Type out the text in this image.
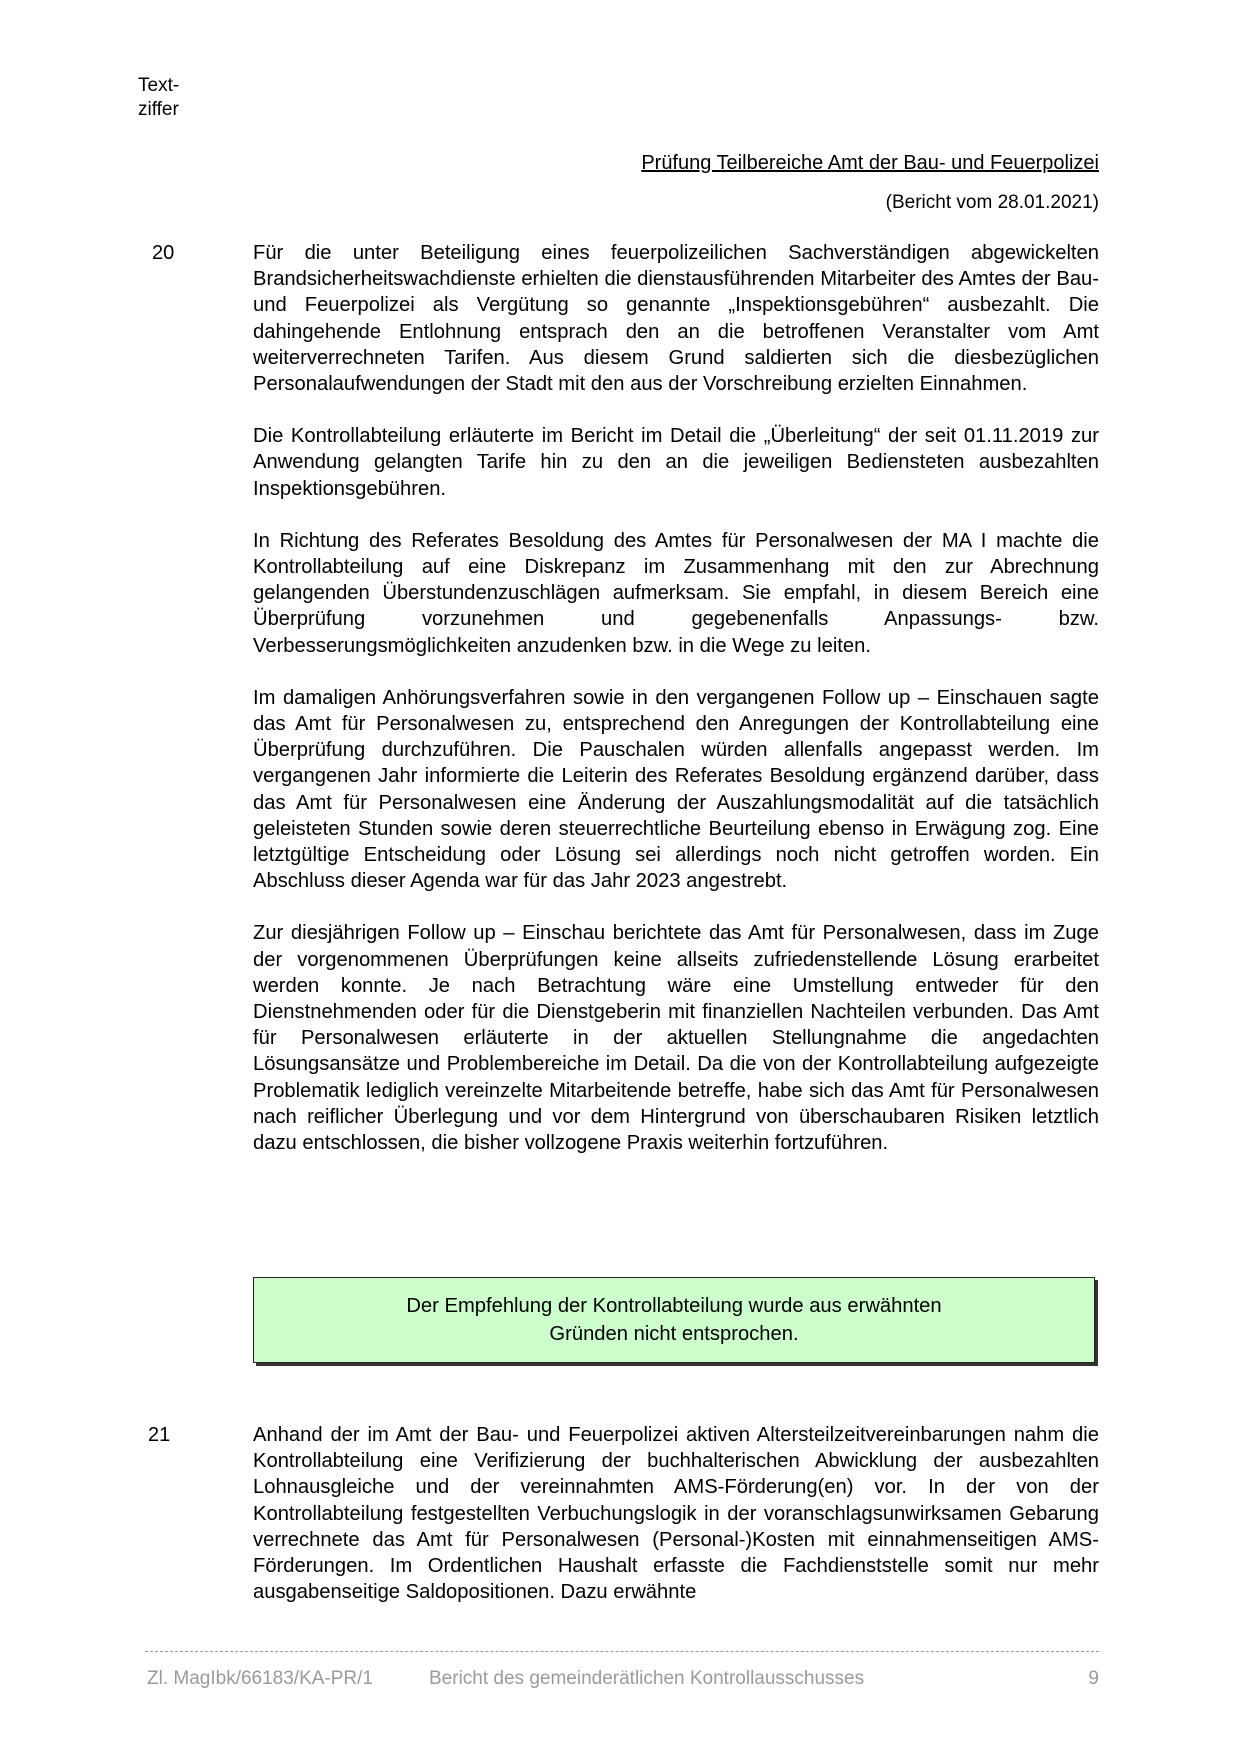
Text-
ziffer
Prüfung Teilbereiche Amt der Bau- und Feuerpolizei
(Bericht vom 28.01.2021)
20	Für die unter Beteiligung eines feuerpolizeilichen Sachverständigen abgewickelten Brandsicherheitswachdienste erhielten die dienstausführenden Mitarbeiter des Amtes der Bau- und Feuerpolizei als Vergütung so genannte „Inspektionsgebühren“ ausbezahlt. Die dahingehende Entlohnung entsprach den an die betroffenen Veranstalter vom Amt weiterverrechneten Tarifen. Aus diesem Grund saldierten sich die diesbezüglichen Personalaufwendungen der Stadt mit den aus der Vorschreibung erzielten Einnahmen.

Die Kontrollabteilung erläuterte im Bericht im Detail die „Überleitung“ der seit 01.11.2019 zur Anwendung gelangten Tarife hin zu den an die jeweiligen Bediensteten ausbezahlten Inspektionsgebühren.

In Richtung des Referates Besoldung des Amtes für Personalwesen der MA I machte die Kontrollabteilung auf eine Diskrepanz im Zusammenhang mit den zur Abrechnung gelangenden Überstundenzuschlägen aufmerksam. Sie empfahl, in diesem Bereich eine Überprüfung vorzunehmen und gegebenenfalls Anpassungs- bzw. Verbesserungsmöglichkeiten anzudenken bzw. in die Wege zu leiten.

Im damaligen Anhörungsverfahren sowie in den vergangenen Follow up – Einschauen sagte das Amt für Personalwesen zu, entsprechend den Anregungen der Kontrollabteilung eine Überprüfung durchzuführen. Die Pauschalen würden allenfalls angepasst werden. Im vergangenen Jahr informierte die Leiterin des Referates Besoldung ergänzend darüber, dass das Amt für Personalwesen eine Änderung der Auszahlungsmodalität auf die tatsächlich geleisteten Stunden sowie deren steuerrechtliche Beurteilung ebenso in Erwägung zog. Eine letztgültige Entscheidung oder Lösung sei allerdings noch nicht getroffen worden. Ein Abschluss dieser Agenda war für das Jahr 2023 angestrebt.

Zur diesjährigen Follow up – Einschau berichtete das Amt für Personalwesen, dass im Zuge der vorgenommenen Überprüfungen keine allseits zufriedenstellende Lösung erarbeitet werden konnte. Je nach Betrachtung wäre eine Umstellung entweder für den Dienstnehmenden oder für die Dienstgeberin mit finanziellen Nachteilen verbunden. Das Amt für Personalwesen erläuterte in der aktuellen Stellungnahme die angedachten Lösungsansätze und Problembereiche im Detail. Da die von der Kontrollabteilung aufgezeigte Problematik lediglich vereinzelte Mitarbeitende betreffe, habe sich das Amt für Personalwesen nach reiflicher Überlegung und vor dem Hintergrund von überschaubaren Risiken letztlich dazu entschlossen, die bisher vollzogene Praxis weiterhin fortzuführen.

Der Empfehlung der Kontrollabteilung wurde aus erwähnten Gründen nicht entsprochen.
21	Anhand der im Amt der Bau- und Feuerpolizei aktiven Altersteilzeitvereinbarungen nahm die Kontrollabteilung eine Verifizierung der buchhalterischen Abwicklung der ausbezahlten Lohnausgleiche und der vereinnahmten AMS-Förderung(en) vor. In der von der Kontrollabteilung festgestellten Verbuchungslogik in der voranschlagsunwirksamen Gebarung verrechnete das Amt für Personalwesen (Personal-)Kosten mit einnahmenseitigen AMS-Förderungen. Im Ordentlichen Haushalt erfasste die Fachdienststelle somit nur mehr ausgabenseitige Saldopositionen. Dazu erwähnte

Zl. MagIbk/66183/KA-PR/1	Bericht des gemeinderätlichen Kontrollausschusses	9
